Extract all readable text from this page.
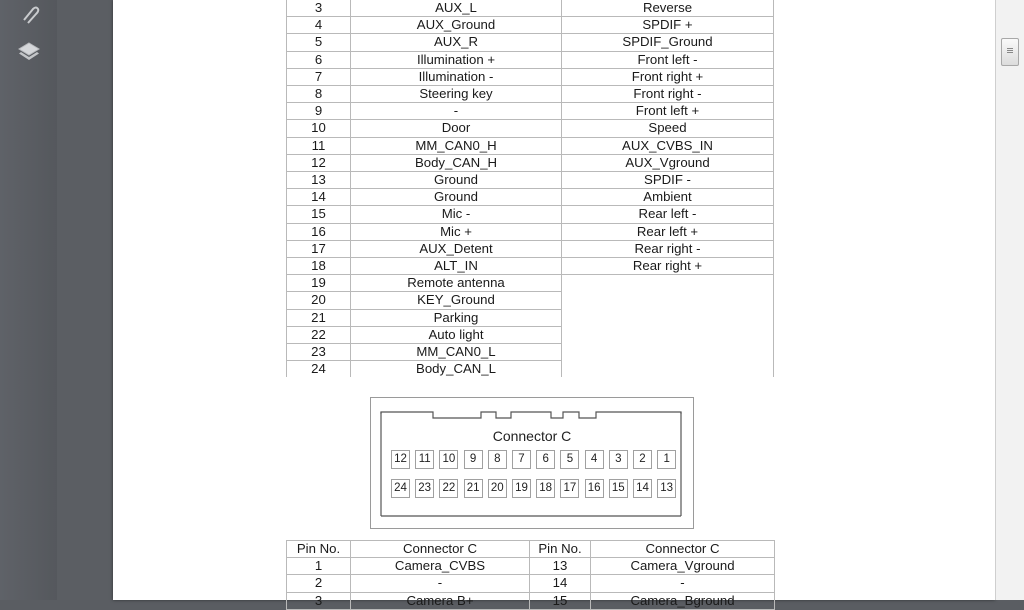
3	AUX_L	Reverse
4	AUX_Ground	SPDIF +
5	AUX_R	SPDIF_Ground
6	Illumination +	Front left -
7	Illumination -	Front right +
8	Steering key	Front right -
9	-	Front left +
10	Door	Speed
11	MM_CAN0_H	AUX_CVBS_IN
12	Body_CAN_H	AUX_Vground
13	Ground	SPDIF -
14	Ground	Ambient
15	Mic -	Rear left -
16	Mic +	Rear left +
17	AUX_Detent	Rear right -
18	ALT_IN	Rear right +
19	Remote antenna	
20	KEY_Ground	
21	Parking	
22	Auto light	
23	MM_CAN0_L	
24	Body_CAN_L	
Connector C
12	11	10	9	8	7	6	5	4	3	2	1
24 23 22 21 20 19 18 17 16 15 14 13
Pin No.	Connector C	Pin No.	Connector C
1	Camera_CVBS	13	Camera_Vground
2	-	14	-
3	Camera B+	15	Camera_Bground
